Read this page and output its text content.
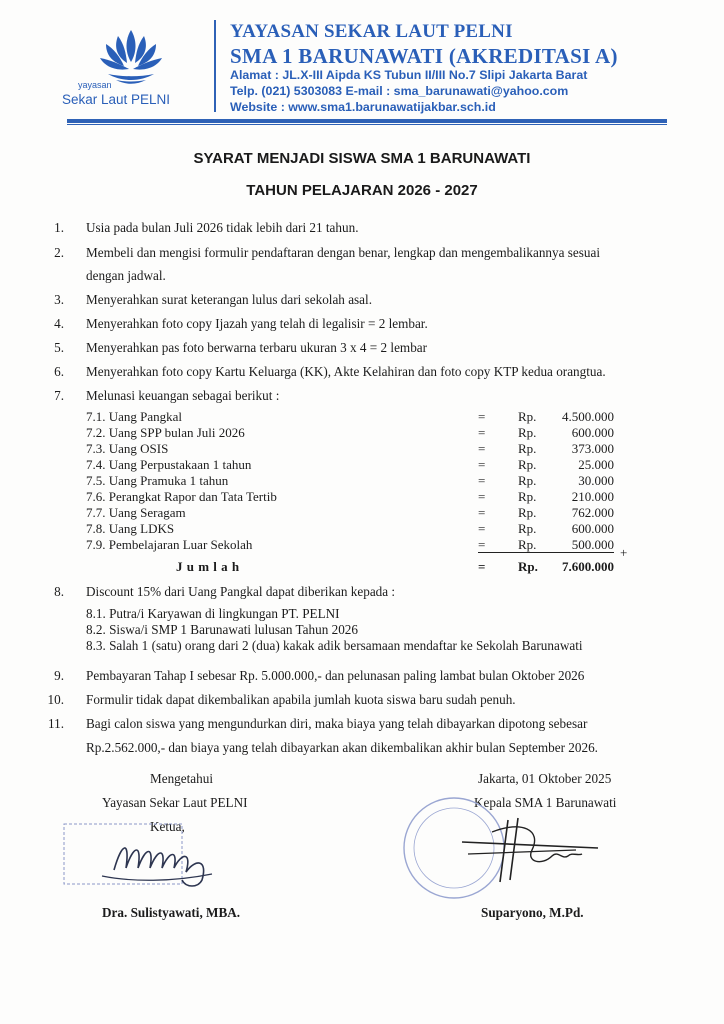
yayasan
Sekar Laut PELNI
YAYASAN SEKAR LAUT PELNI
SMA 1 BARUNAWATI (AKREDITASI A)
Alamat : JL.X-III Aipda KS Tubun II/III No.7 Slipi Jakarta Barat
Telp. (021) 5303083 E-mail : sma_barunawati@yahoo.com
Website : www.sma1.barunawatijakbar.sch.id
SYARAT MENJADI SISWA SMA 1 BARUNAWATI
TAHUN PELAJARAN 2026 - 2027
1. Usia pada bulan Juli 2026 tidak lebih dari 21 tahun.
2. Membeli dan mengisi formulir pendaftaran dengan benar, lengkap dan mengembalikannya sesuai
dengan jadwal.
3. Menyerahkan surat keterangan lulus dari sekolah asal.
4. Menyerahkan foto copy Ijazah yang telah di legalisir = 2 lembar.
5. Menyerahkan pas foto berwarna terbaru ukuran 3 x 4 = 2 lembar
6. Menyerahkan foto copy Kartu Keluarga (KK), Akte Kelahiran dan foto copy KTP kedua orangtua.
7. Melunasi keuangan sebagai berikut :
7.1. Uang Pangkal	=	Rp. 4.500.000
7.2. Uang SPP bulan Juli 2026	=	Rp.	600.000
7.3. Uang OSIS	=	Rp.	373.000
7.4. Uang Perpustakaan 1 tahun	=	Rp.	25.000
7.5. Uang Pramuka 1 tahun	=	Rp.	30.000
7.6. Perangkat Rapor dan Tata Tertib	=	Rp.	210.000
7.7. Uang Seragam	=	Rp.	762.000
7.8. Uang LDKS	=	Rp.	600.000
7.9. Pembelajaran Luar Sekolah	=	Rp.	500.000
+
J u m l a h	=	Rp. 7.600.000
8. Discount 15% dari Uang Pangkal dapat diberikan kepada :
8.1. Putra/i Karyawan di lingkungan PT. PELNI
8.2. Siswa/i SMP 1 Barunawati lulusan Tahun 2026
8.3. Salah 1 (satu) orang dari 2 (dua) kakak adik bersamaan mendaftar ke Sekolah Barunawati
9. Pembayaran Tahap I sebesar Rp. 5.000.000,- dan pelunasan paling lambat bulan Oktober 2026
10. Formulir tidak dapat dikembalikan apabila jumlah kuota siswa baru sudah penuh.
11. Bagi calon siswa yang mengundurkan diri, maka biaya yang telah dibayarkan dipotong sebesar
Rp.2.562.000,- dan biaya yang telah dibayarkan akan dikembalikan akhir bulan September 2026.
Mengetahui
Yayasan Sekar Laut PELNI
Ketua,
Jakarta, 01 Oktober 2025
Kepala SMA 1 Barunawati
Dra. Sulistyawati, MBA.	Suparyono, M.Pd.
